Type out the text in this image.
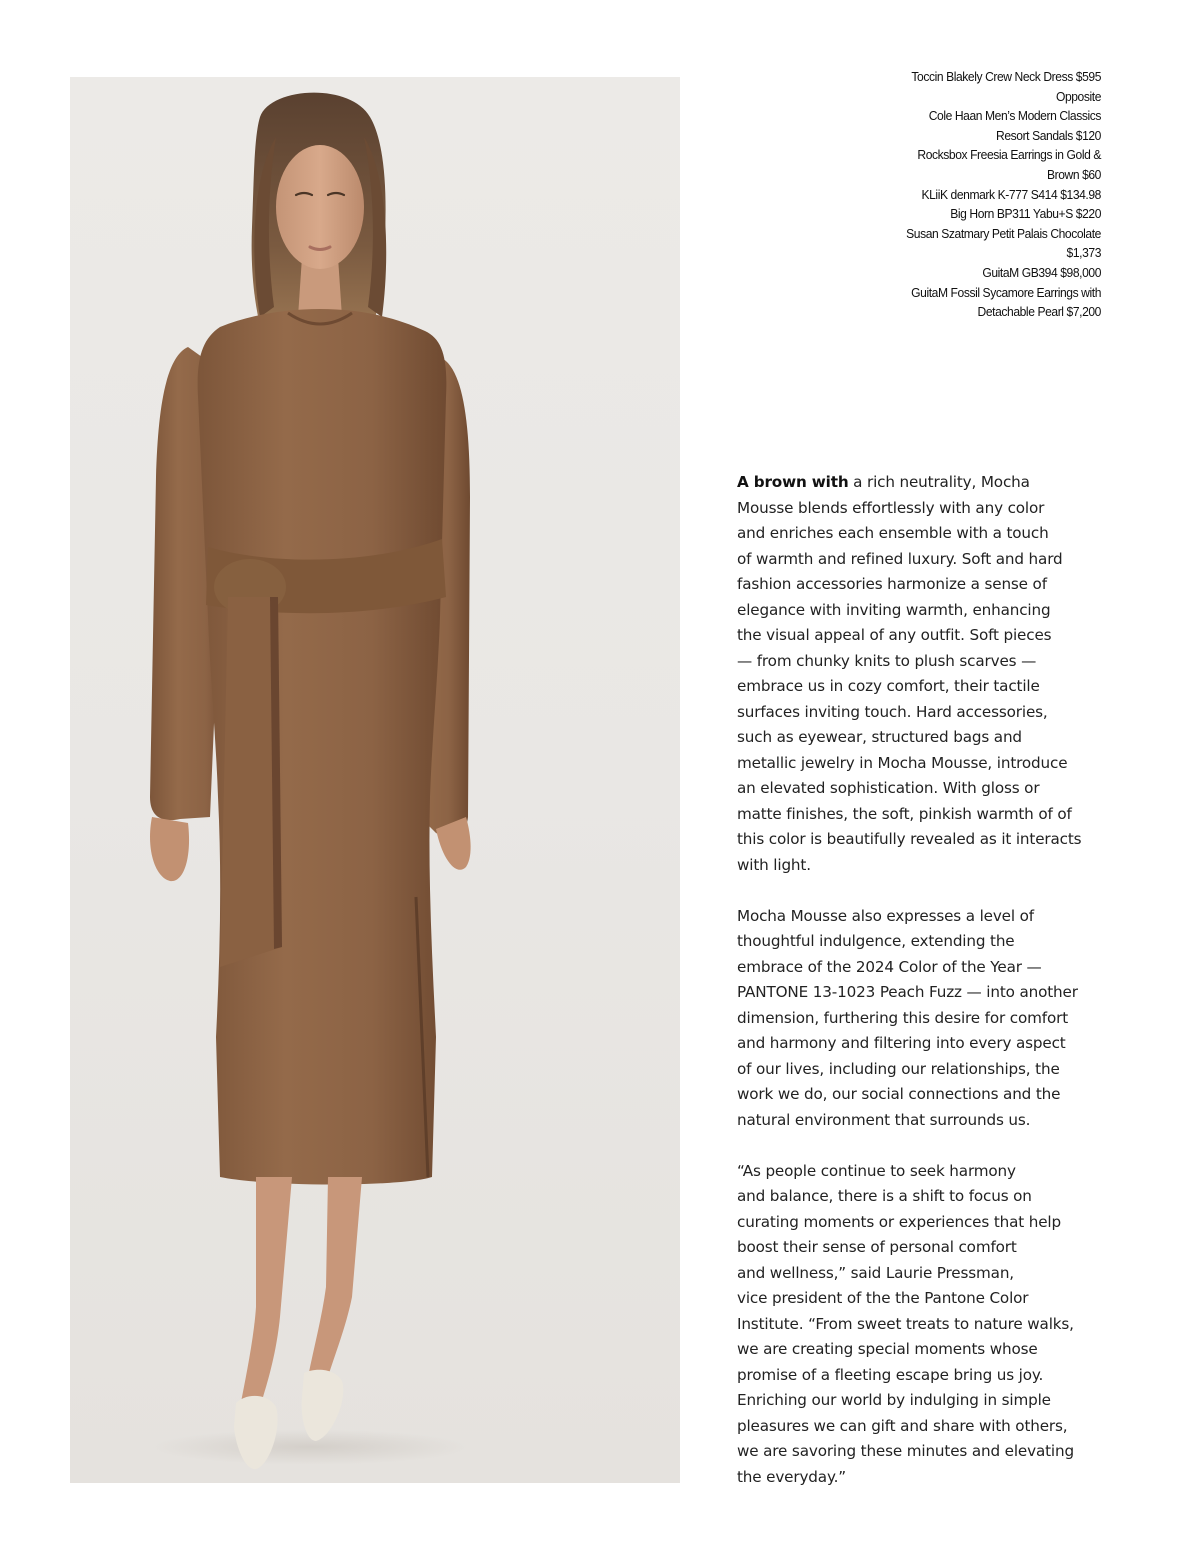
Toccin Blakely Crew Neck Dress $595
Opposite
Cole Haan Men’s Modern Classics
Resort Sandals $120
Rocksbox Freesia Earrings in Gold &
Brown $60
KLiiK denmark K-777 S414 $134.98
Big Horn BP311 Yabu+S $220
Susan Szatmary Petit Palais Chocolate
$1,373
GuitaM GB394 $98,000
GuitaM Fossil Sycamore Earrings with
Detachable Pearl $7,200
A brown with a rich neutrality, Mocha
Mousse blends effortlessly with any color
and enriches each ensemble with a touch
of warmth and refined luxury. Soft and hard
fashion accessories harmonize a sense of
elegance with inviting warmth, enhancing
the visual appeal of any outfit. Soft pieces
— from chunky knits to plush scarves —
embrace us in cozy comfort, their tactile
surfaces inviting touch. Hard accessories,
such as eyewear, structured bags and
metallic jewelry in Mocha Mousse, introduce
an elevated sophistication. With gloss or
matte finishes, the soft, pinkish warmth of of
this color is beautifully revealed as it interacts
with light.
Mocha Mousse also expresses a level of
thoughtful indulgence, extending the
embrace of the 2024 Color of the Year —
PANTONE 13-1023 Peach Fuzz — into another
dimension, furthering this desire for comfort
and harmony and filtering into every aspect
of our lives, including our relationships, the
work we do, our social connections and the
natural environment that surrounds us.
“As people continue to seek harmony
and balance, there is a shift to focus on
curating moments or experiences that help
boost their sense of personal comfort
and wellness,” said Laurie Pressman,
vice president of the the Pantone Color
Institute. “From sweet treats to nature walks,
we are creating special moments whose
promise of a fleeting escape bring us joy.
Enriching our world by indulging in simple
pleasures we can gift and share with others,
we are savoring these minutes and elevating
the everyday.”
